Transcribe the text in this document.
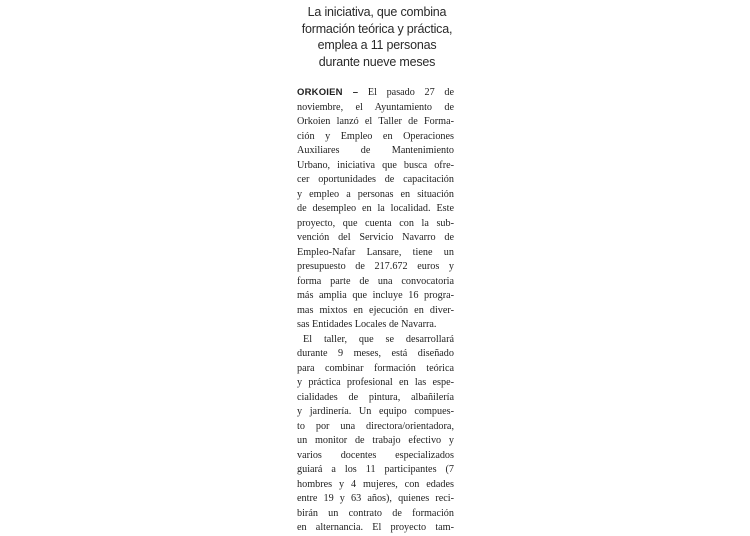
La iniciativa, que combina
formación teórica y práctica,
emplea a 11 personas
durante nueve meses
ORKOIEN – El pasado 27 de
noviembre, el Ayuntamiento de
Orkoien lanzó el Taller de Forma-
ción y Empleo en Operaciones
Auxiliares de Mantenimiento
Urbano, iniciativa que busca ofre-
cer oportunidades de capacitación
y empleo a personas en situación
de desempleo en la localidad. Este
proyecto, que cuenta con la sub-
vención del Servicio Navarro de
Empleo-Nafar Lansare, tiene un
presupuesto de 217.672 euros y
forma parte de una convocatoria
más amplia que incluye 16 progra-
mas mixtos en ejecución en diver-
sas Entidades Locales de Navarra.
El taller, que se desarrollará
durante 9 meses, está diseñado
para combinar formación teórica
y práctica profesional en las espe-
cialidades de pintura, albañilería
y jardinería. Un equipo compues-
to por una directora/orientadora,
un monitor de trabajo efectivo y
varios docentes especializados
guiará a los 11 participantes (7
hombres y 4 mujeres, con edades
entre 19 y 63 años), quienes reci-
birán un contrato de formación
en alternancia. El proyecto tam-
